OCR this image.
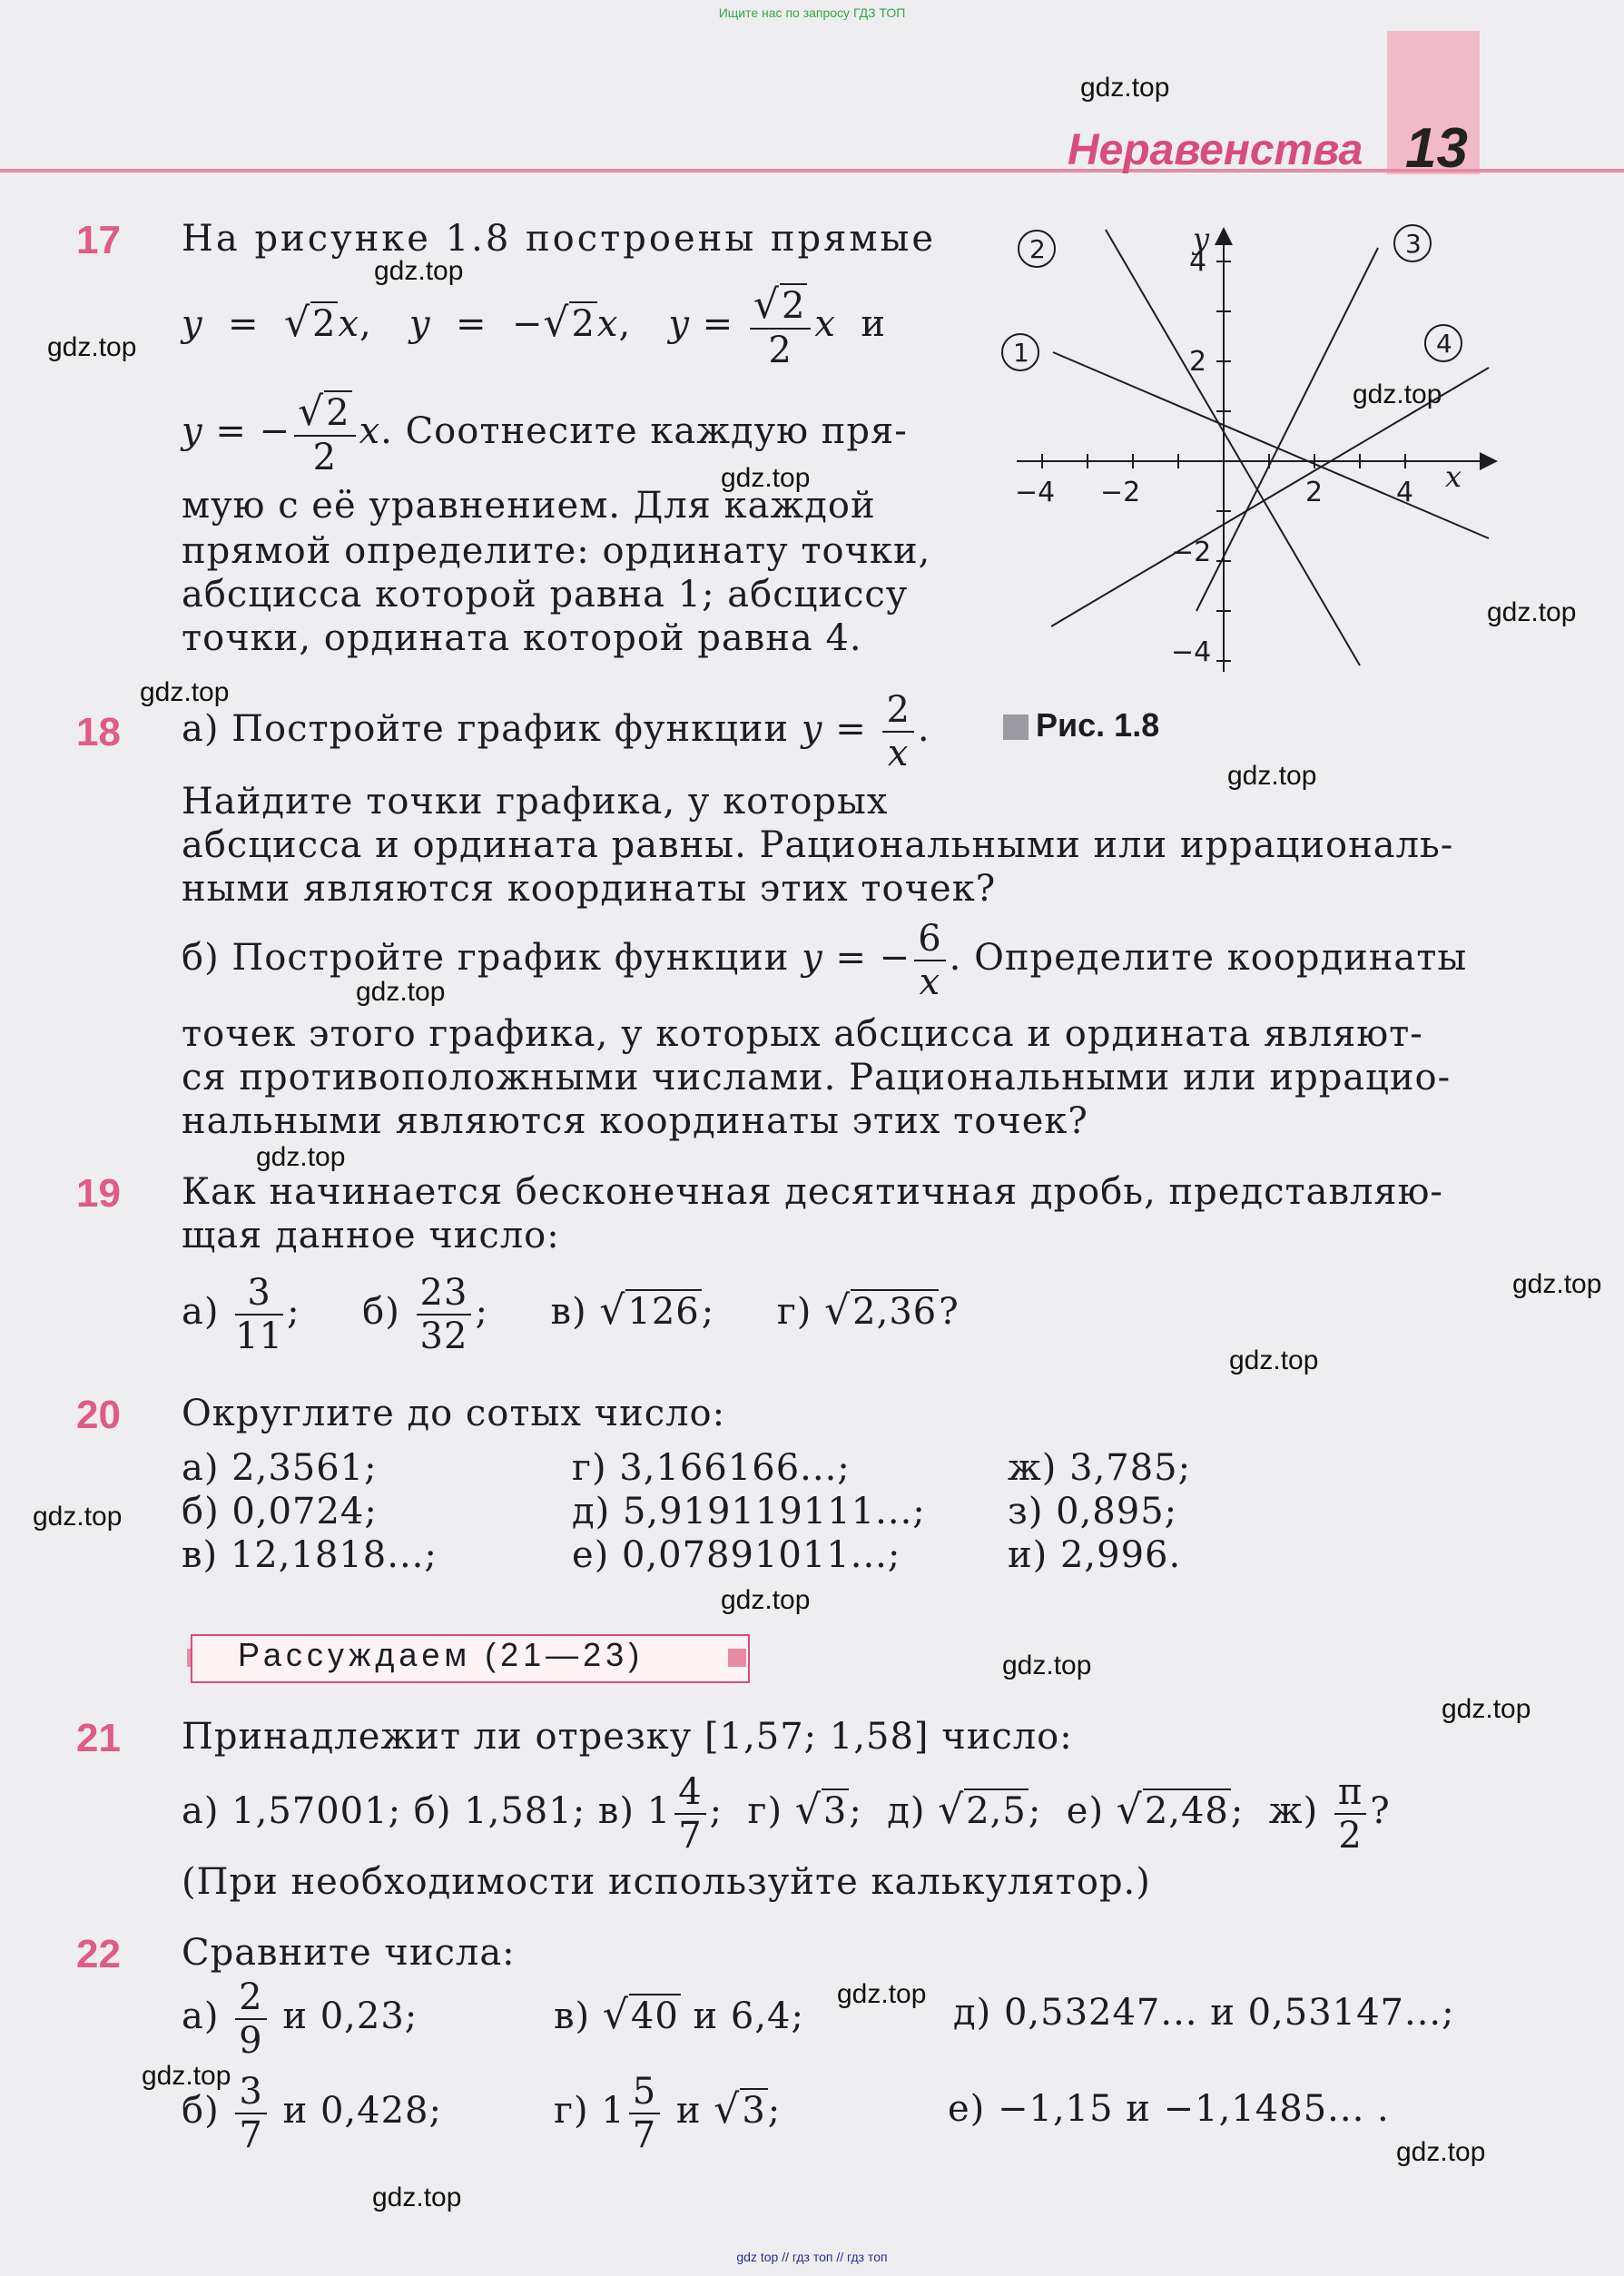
Ищите нас по запросу ГДЗ ТОП
Неравенства 13
gdz.top
gdz.top
gdz.top
gdz.top
gdz.top
gdz.top
gdz.top
gdz.top
gdz.top
gdz.top
gdz.top
gdz.top
gdz.top
gdz.top
gdz.top
gdz.top
gdz.top
gdz.top
gdz.top
gdz.top
17 На рисунке 1.8 построены прямые
y  =  √2x,   y  =  −√2x,   $y = \frac{√2}{2}$ x и
y = − $\frac{√2}{2} x$. Соотнесите каждую пря-
мую с её уравнением. Для каждой
прямой определите: ординату точки,
абсцисса которой равна 1; абсциссу
точки, ордината которой равна 4.
−4 −2	2	4
4
2
−2
−4
x
y
1
2	3
4
Рис. 1.8
18 а) Постройте график функции $y = \frac{2}{x}$ .
Найдите точки графика, у которых
абсцисса и ордината равны. Рациональными или иррациональ-
ными являются координаты этих точек?
б) Постройте график функции y = − $\frac{6}{x}$ . Определите координаты
точек этого графика, у которых абсцисса и ордината являют-
ся противоположными числами. Рациональными или иррацио-
нальными являются координаты этих точек?
19 Как начинается бесконечная десятичная дробь, представляю-
щая данное число:
$а) \frac{3}{11}$ ;     $б) \frac{23}{32}$ ;     в) √126;     г) √2,36?
20 Округлите до сотых число:
а) 2,3561;	г) 3,166166...;	ж) 3,785;
б) 0,0724;	д) 5,919119111...; з) 0,895;
в) 12,1818...;	е) 0,07891011...;	и) 2,996.
Рассуждаем (21—23)
21 Принадлежит ли отрезку [1,57; 1,58] число:
а) 1,57001; б) 1,581; в) $1 \frac{4}{7}$ ;  г) √3;  д) √2,5;  е) √2,48;  $ж) \frac{\pi}{2}$ ?
(При необходимости используйте калькулятор.)
22 Сравните числа:
$а) \frac{2}{9}$ и 0,23;	в) √40 и 6,4;	д) 0,53247... и 0,53147...;
$б) \frac{3}{7}$ и 0,428;	г) $1 \frac{5}{7}$ и √3;	е) −1,15 и −1,1485... .
gdz top // гдз топ // гдз топ
